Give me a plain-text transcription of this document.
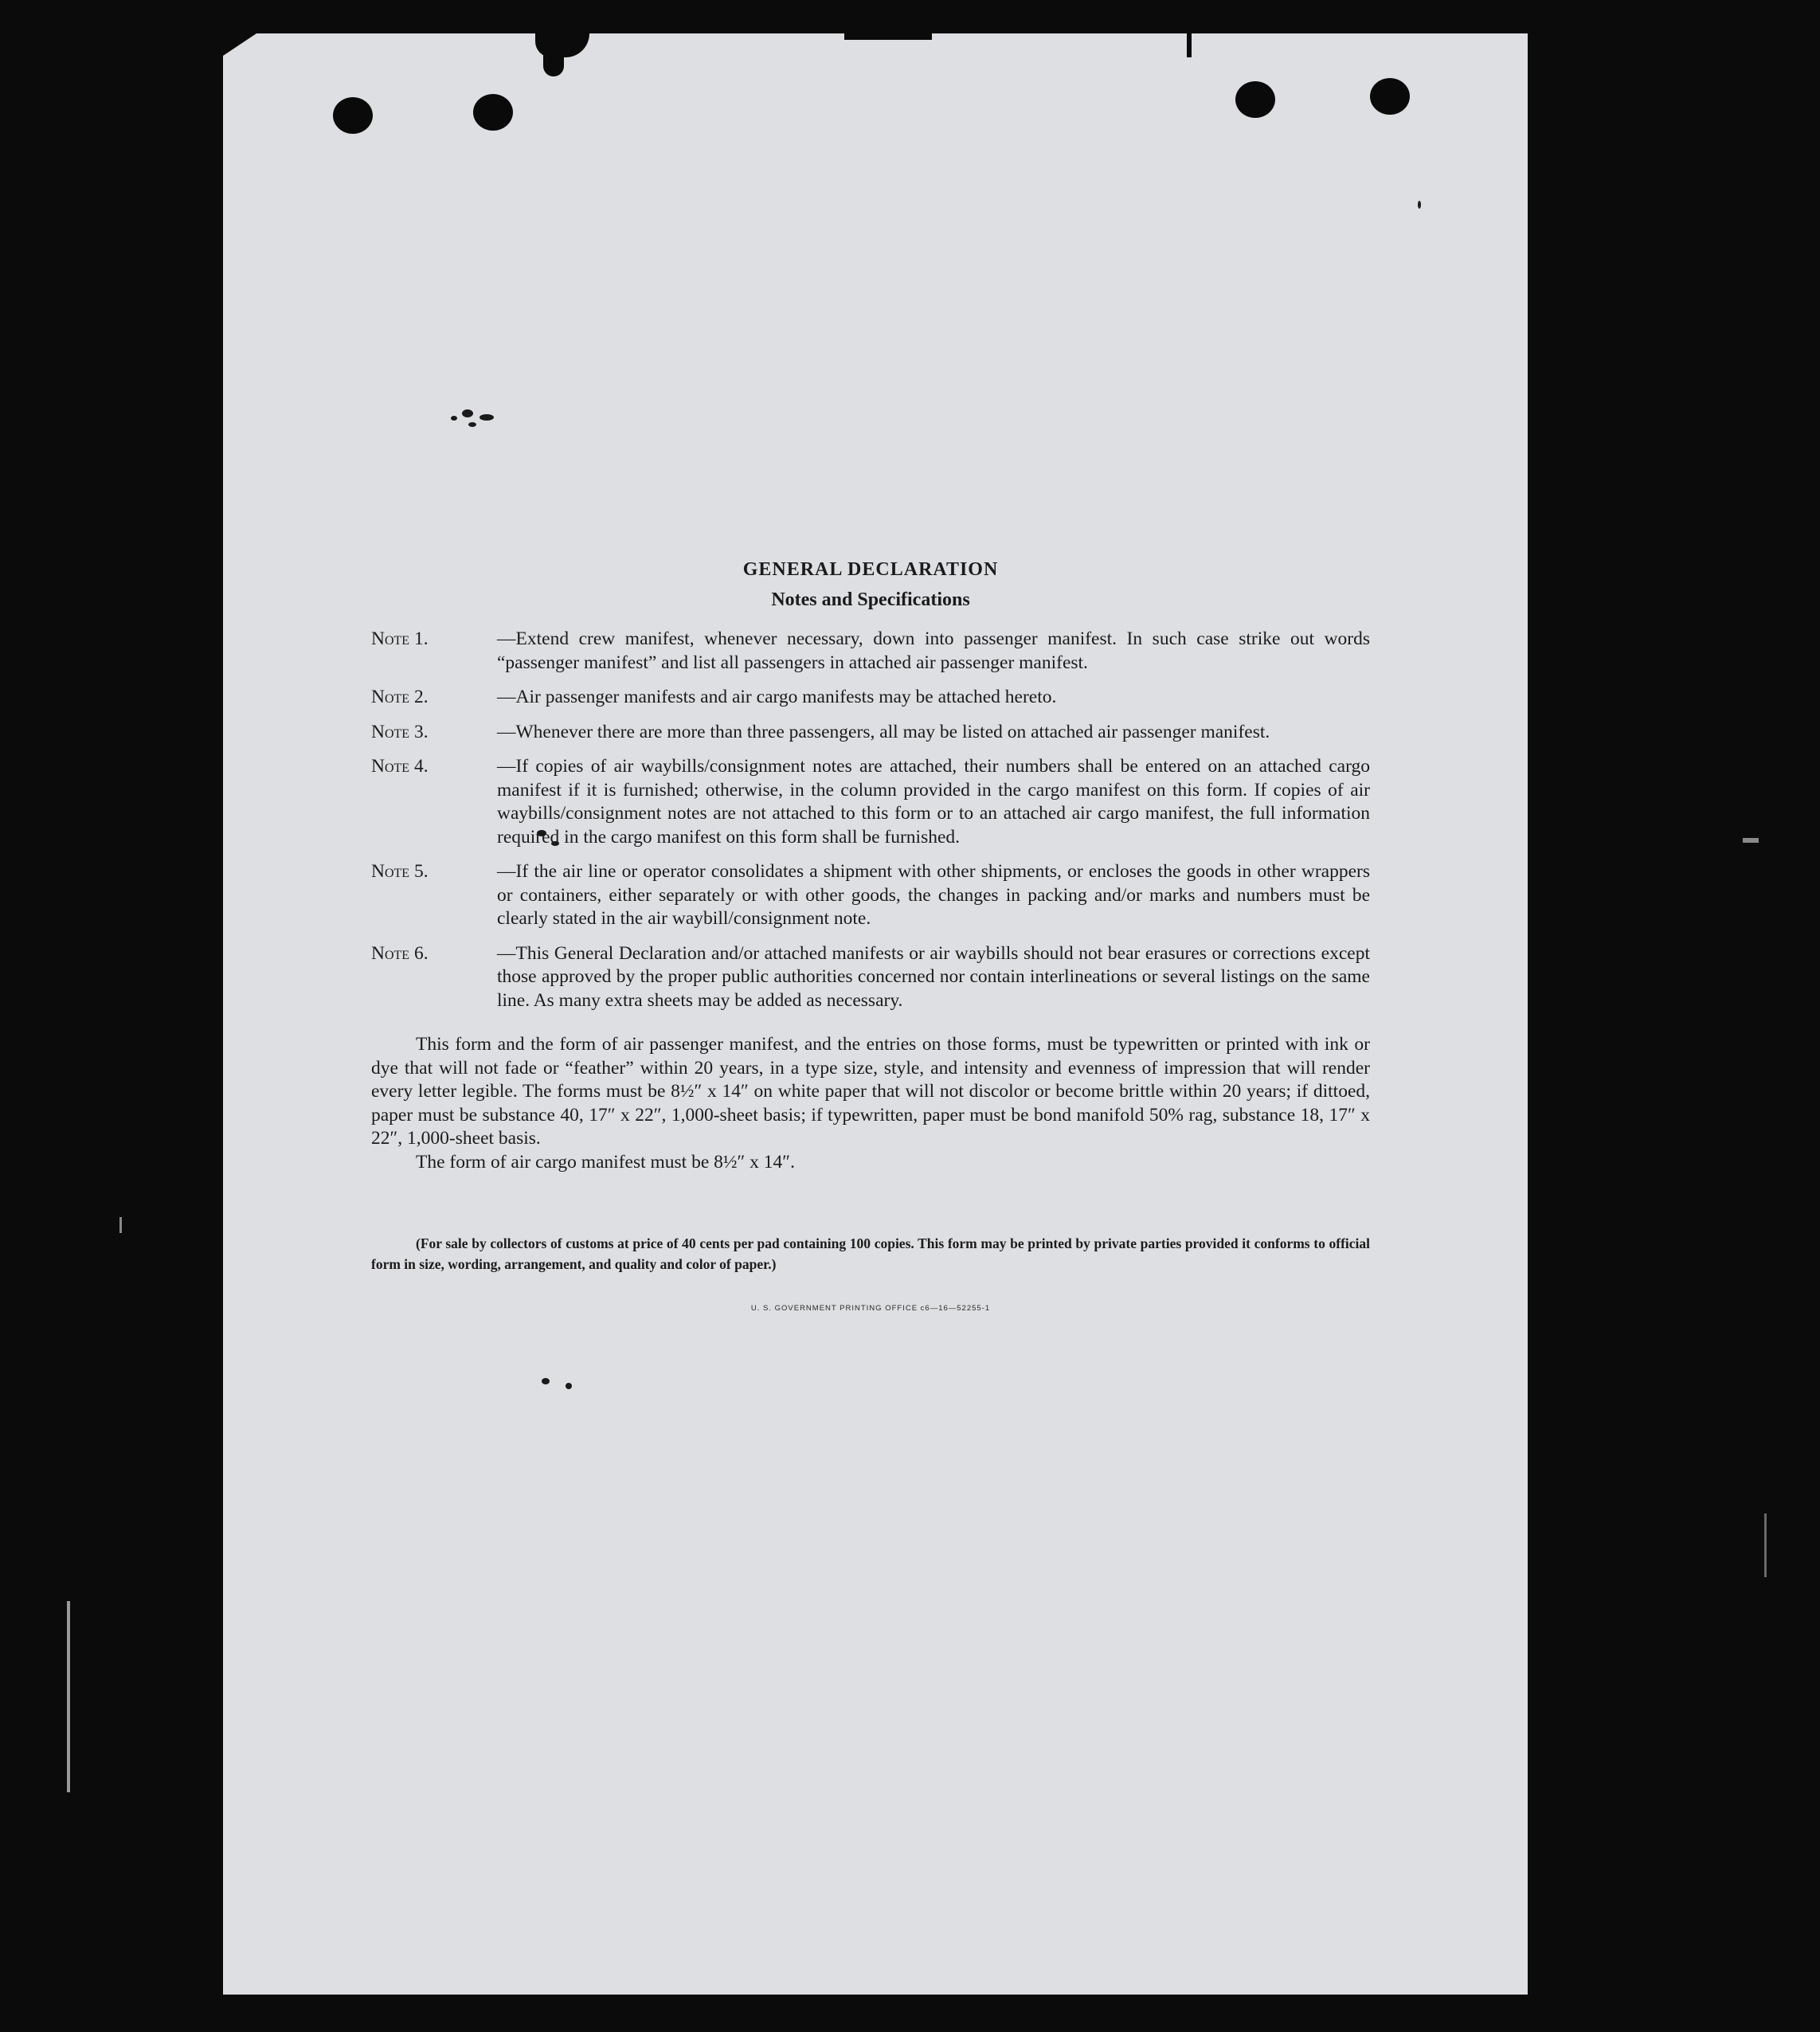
GENERAL DECLARATION

Notes and Specifications

Note 1.	—Extend crew manifest, whenever necessary, down into passenger manifest. In such case strike out words “passenger manifest” and list all passengers in attached air passenger manifest.
Note 2.	—Air passenger manifests and air cargo manifests may be attached hereto.
Note 3.	—Whenever there are more than three passengers, all may be listed on attached air passenger manifest.
Note 4.	—If copies of air waybills/consignment notes are attached, their numbers shall be entered on an attached cargo manifest if it is furnished; otherwise, in the column provided in the cargo manifest on this form. If copies of air waybills/consignment notes are not attached to this form or to an attached air cargo manifest, the full information required in the cargo manifest on this form shall be furnished.
Note 5.	—If the air line or operator consolidates a shipment with other shipments, or encloses the goods in other wrappers or containers, either separately or with other goods, the changes in packing and/or marks and numbers must be clearly stated in the air waybill/consignment note.
Note 6.	—This General Declaration and/or attached manifests or air waybills should not bear erasures or corrections except those approved by the proper public authorities concerned nor contain interlineations or several listings on the same line. As many extra sheets may be added as necessary.

This form and the form of air passenger manifest, and the entries on those forms, must be typewritten or printed with ink or dye that will not fade or “feather” within 20 years, in a type size, style, and intensity and evenness of impression that will render every letter legible. The forms must be 8½″ x 14″ on white paper that will not discolor or become brittle within 20 years; if dittoed, paper must be substance 40, 17″ x 22″, 1,000-sheet basis; if typewritten, paper must be bond manifold 50% rag, substance 18, 17″ x 22″, 1,000-sheet basis.

The form of air cargo manifest must be 8½″ x 14″.

(For sale by collectors of customs at price of 40 cents per pad containing 100 copies. This form may be printed by private parties provided it conforms to official form in size, wording, arrangement, and quality and color of paper.)

U. S. GOVERNMENT PRINTING OFFICE c6—16—52255-1
